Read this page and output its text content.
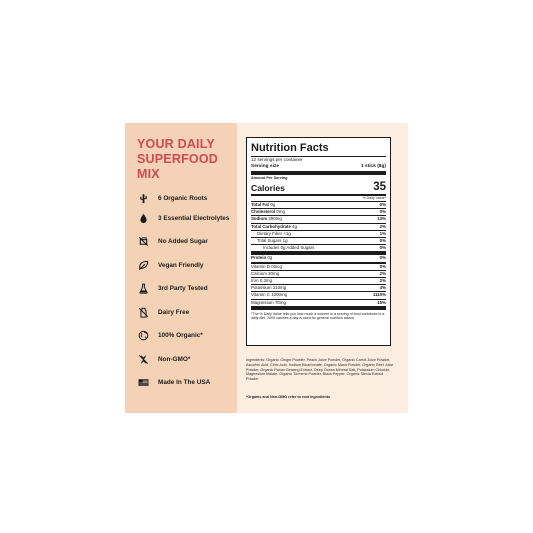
YOUR DAILY
SUPERFOOD MIX
6 Organic Roots
3 Essential Electrolytes
No Added Sugar
Vegan Friendly
3rd Party Tested
Dairy Free
100% Organic*
Non-GMO*
Made In The USA
Nutrition Facts
12 servings per container
Serving size	1 stick (8g)
Amount Per Serving
Calories	35
% Daily Value*
Total Fat 0g	0%
Cholesterol 0mg	0%
Sodium 290mg	13%
Total Carbohydrate 4g	2%
Dietary Fiber <1g	1%
Total Sugars 1g	0%
Includes 0g Added Sugars	0%
Protein 0g	0%
Vitamin D 0mcg	0%
Calcium 20mg	2%
Iron 0.3mg	2%
Potassium 210mg	4%
Vitamin C 1000mg	1110%
Magnesium 70mg	15%
*The % Daily Value tells you how much a nutrient in a serving of food contribute to a daily diet. 2000 calories a day is used for general nutrition advice.
Ingredients: Organic Ginger Powder, Peach Juice Powder, Organic Carrot Juice Powder, Ascorbic Acid, Citric Acid, Sodium Bicarbonate, Organic Maca Powder, Organic Beet Juice Powder, Organic Panax Ginseng Extract, Deep Ocean Mineral Salt, Potassium Chloride, Magnesium Malate, Organic Turmeric Powder, Black Pepper, Organic Stevia Extract Powder
*Organic and Non-GMO refer to root ingredients
